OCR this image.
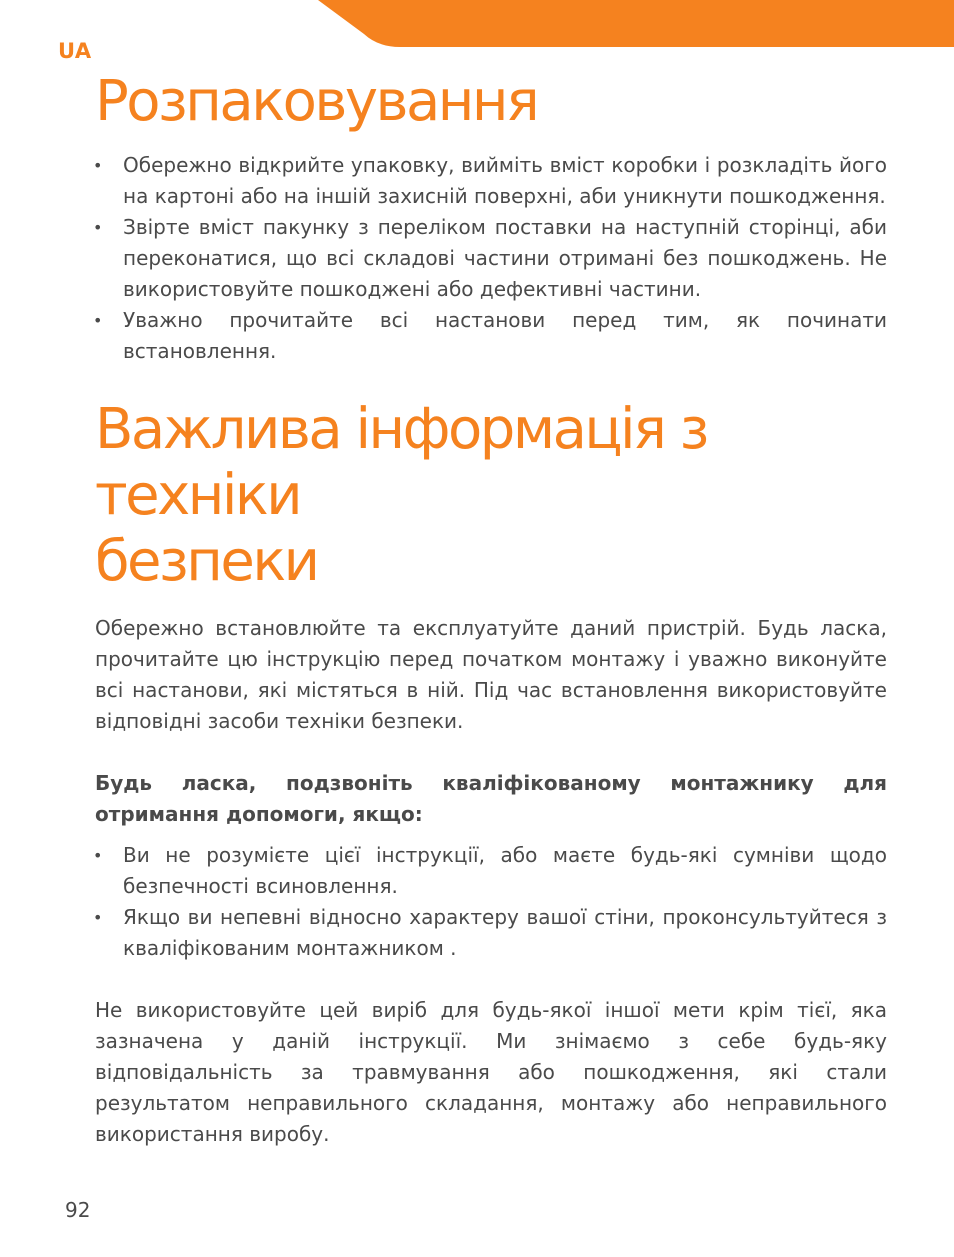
UA
Розпаковування
• Обережно відкрийте упаковку, вийміть вміст коробки і розкладіть його на картоні або на іншій захисній поверхні, аби уникнути пошкодження.
• Звірте вміст пакунку з переліком поставки на наступній сторінці, аби переконатися, що всі складові частини отримані без пошкоджень. Не використовуйте пошкоджені або дефективні частини.
• Уважно прочитайте всі настанови перед тим, як починати встановлення.
Важлива інформація з техніки
безпеки

Обережно встановлюйте та експлуатуйте даний пристрій. Будь ласка, прочитайте цю інструкцію перед початком монтажу і уважно виконуйте всі настанови, які містяться в ній. Під час встановлення використовуйте відповідні засоби техніки безпеки.

Будь ласка, подзвоніть кваліфікованому монтажнику для отримання допомоги, якщо:

• Ви не розумієте цієї інструкції, або маєте будь-які сумніви щодо безпечності всиновлення.
• Якщо ви непевні відносно характеру вашої стіни, проконсультуйтеся з кваліфікованим монтажником .

Не використовуйте цей виріб для будь-якої іншої мети крім тієї, яка зазначена у даній інструкції. Ми знімаємо з себе будь-яку відповідальність за травмування або пошкодження, які стали результатом неправильного складання, монтажу або неправильного використання виробу.

92
